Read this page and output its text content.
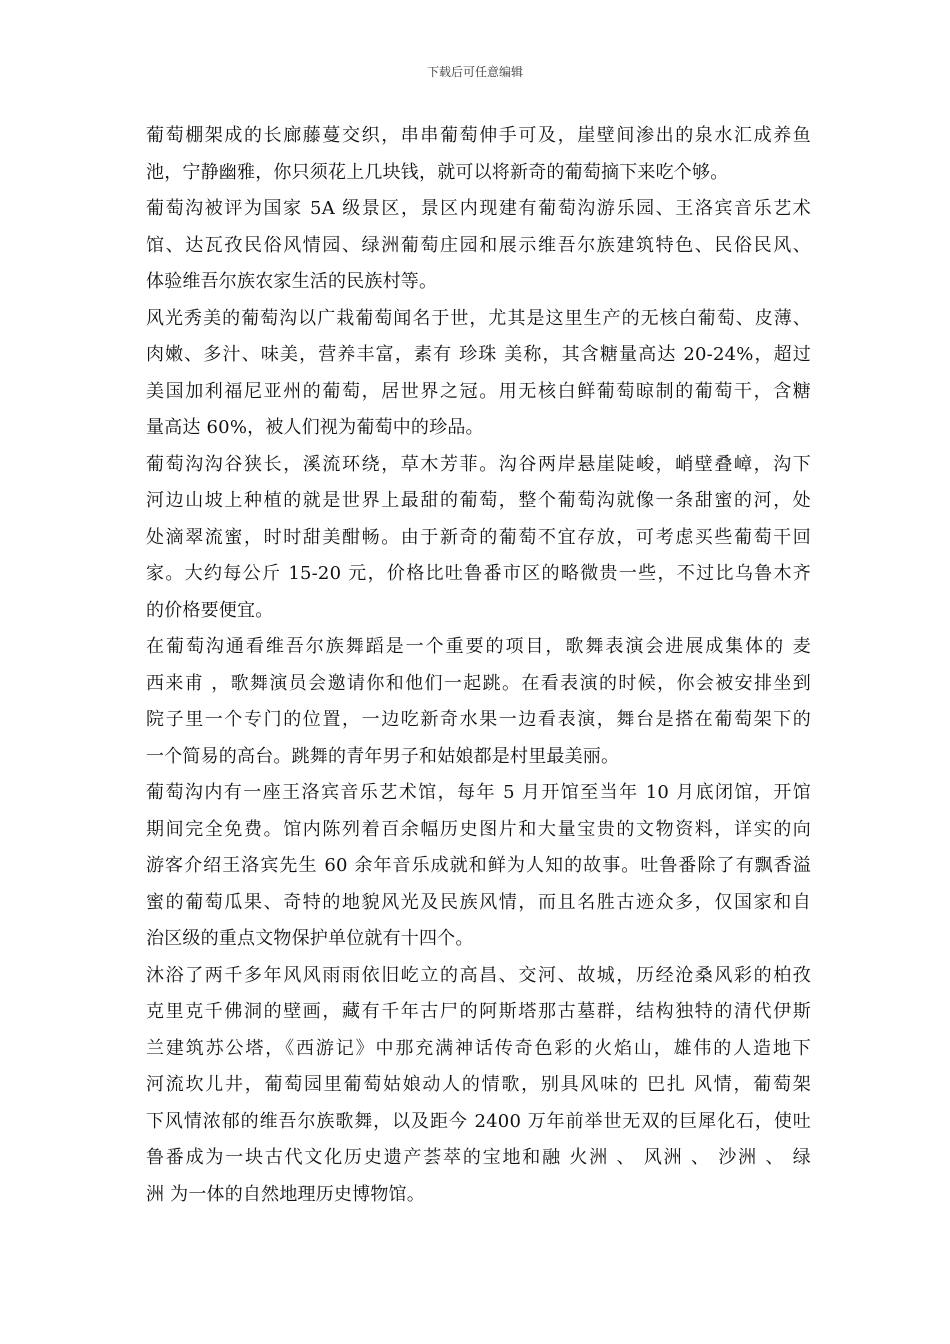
下载后可任意编辑
葡萄棚架成的长廊藤蔓交织，串串葡萄伸手可及，崖壁间渗出的泉水汇成养鱼
池，宁静幽雅，你只须花上几块钱，就可以将新奇的葡萄摘下来吃个够。
葡萄沟被评为国家 5A 级景区，景区内现建有葡萄沟游乐园、王洛宾音乐艺术
馆、达瓦孜民俗风情园、绿洲葡萄庄园和展示维吾尔族建筑特色、民俗民风、
体验维吾尔族农家生活的民族村等。
风光秀美的葡萄沟以广栽葡萄闻名于世，尤其是这里生产的无核白葡萄、皮薄、
肉嫩、多汁、味美，营养丰富，素有 珍珠 美称，其含糖量高达 20-24%，超过
美国加利福尼亚州的葡萄，居世界之冠。用无核白鲜葡萄晾制的葡萄干，含糖
量高达 60%，被人们视为葡萄中的珍品。
葡萄沟沟谷狭长，溪流环绕，草木芳菲。沟谷两岸悬崖陡峻，峭壁叠嶂，沟下
河边山坡上种植的就是世界上最甜的葡萄，整个葡萄沟就像一条甜蜜的河，处
处滴翠流蜜，时时甜美酣畅。由于新奇的葡萄不宜存放，可考虑买些葡萄干回
家。大约每公斤 15-20 元，价格比吐鲁番市区的略微贵一些，不过比乌鲁木齐
的价格要便宜。
在葡萄沟通看维吾尔族舞蹈是一个重要的项目，歌舞表演会进展成集体的 麦
西来甫 ，歌舞演员会邀请你和他们一起跳。在看表演的时候，你会被安排坐到
院子里一个专门的位置，一边吃新奇水果一边看表演，舞台是搭在葡萄架下的
一个简易的高台。跳舞的青年男子和姑娘都是村里最美丽。
葡萄沟内有一座王洛宾音乐艺术馆，每年 5 月开馆至当年 10 月底闭馆，开馆
期间完全免费。馆内陈列着百余幅历史图片和大量宝贵的文物资料，详实的向
游客介绍王洛宾先生 60 余年音乐成就和鲜为人知的故事。吐鲁番除了有飘香溢
蜜的葡萄瓜果、奇特的地貌风光及民族风情，而且名胜古迹众多，仅国家和自
治区级的重点文物保护单位就有十四个。
沐浴了两千多年风风雨雨依旧屹立的高昌、交河、故城，历经沧桑风彩的柏孜
克里克千佛洞的壁画，藏有千年古尸的阿斯塔那古墓群，结构独特的清代伊斯
兰建筑苏公塔，《西游记》中那充满神话传奇色彩的火焰山，雄伟的人造地下
河流坎儿井，葡萄园里葡萄姑娘动人的情歌，别具风味的 巴扎 风情，葡萄架
下风情浓郁的维吾尔族歌舞，以及距今 2400 万年前举世无双的巨犀化石，使吐
鲁番成为一块古代文化历史遗产荟萃的宝地和融 火洲 、 风洲 、 沙洲 、 绿
洲 为一体的自然地理历史博物馆。
